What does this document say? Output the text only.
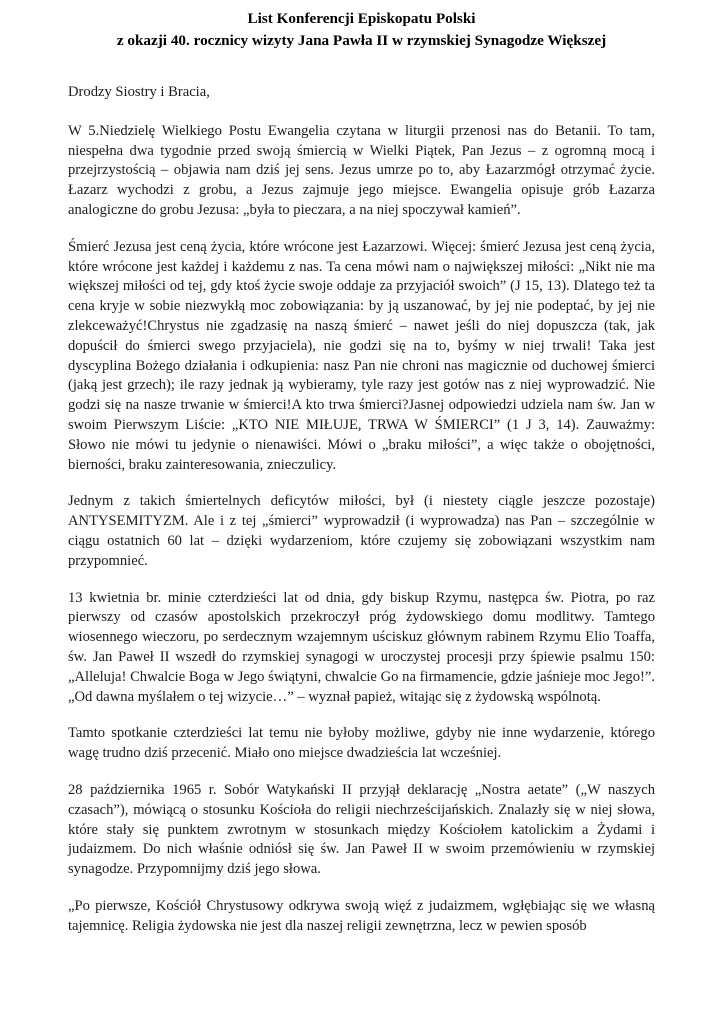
List Konferencji Episkopatu Polski
z okazji 40. rocznicy wizyty Jana Pawła II w rzymskiej Synagodze Większej

Drodzy Siostry i Bracia,

W 5.Niedzielę Wielkiego Postu Ewangelia czytana w liturgii przenosi nas do Betanii. To tam, niespełna dwa tygodnie przed swoją śmiercią w Wielki Piątek, Pan Jezus – z ogromną mocą i przejrzystością – objawia nam dziś jej sens. Jezus umrze po to, aby Łazarzmógł otrzymać życie. Łazarz wychodzi z grobu, a Jezus zajmuje jego miejsce. Ewangelia opisuje grób Łazarza analogiczne do grobu Jezusa: „była to pieczara, a na niej spoczywał kamień”.

Śmierć Jezusa jest ceną życia, które wrócone jest Łazarzowi. Więcej: śmierć Jezusa jest ceną życia, które wrócone jest każdej i każdemu z nas. Ta cena mówi nam o największej miłości: „Nikt nie ma większej miłości od tej, gdy ktoś życie swoje oddaje za przyjaciół swoich” (J 15, 13). Dlatego też ta cena kryje w sobie niezwykłą moc zobowiązania: by ją uszanować, by jej nie podeptać, by jej nie zlekceważyć!Chrystus nie zgadzasię na naszą śmierć – nawet jeśli do niej dopuszcza (tak, jak dopuścił do śmierci swego przyjaciela), nie godzi się na to, byśmy w niej trwali! Taka jest dyscyplina Bożego działania i odkupienia: nasz Pan nie chroni nas magicznie od duchowej śmierci (jaką jest grzech); ile razy jednak ją wybieramy, tyle razy jest gotów nas z niej wyprowadzić. Nie godzi się na nasze trwanie w śmierci!A kto trwa śmierci?Jasnej odpowiedzi udziela nam św. Jan w swoim Pierwszym Liście: „KTO NIE MIŁUJE, TRWA W ŚMIERCI” (1 J 3, 14). Zauważmy: Słowo nie mówi tu jedynie o nienawiści. Mówi o „braku miłości”, a więc także o obojętności, bierności, braku zainteresowania, znieczulicy.

Jednym z takich śmiertelnych deficytów miłości, był (i niestety ciągle jeszcze pozostaje) ANTYSEMITYZM. Ale i z tej „śmierci” wyprowadził (i wyprowadza) nas Pan – szczególnie w ciągu ostatnich 60 lat – dzięki wydarzeniom, które czujemy się zobowiązani wszystkim nam przypomnieć.

13 kwietnia br. minie czterdzieści lat od dnia, gdy biskup Rzymu, następca św. Piotra, po raz pierwszy od czasów apostolskich przekroczył próg żydowskiego domu modlitwy. Tamtego wiosennego wieczoru, po serdecznym wzajemnym uściskuz głównym rabinem Rzymu Elio Toaffa, św. Jan Paweł II wszedł do rzymskiej synagogi w uroczystej procesji przy śpiewie psalmu 150: „Alleluja! Chwalcie Boga w Jego świątyni, chwalcie Go na firmamencie, gdzie jaśnieje moc Jego!”. „Od dawna myślałem o tej wizycie…” – wyznał papież, witając się z żydowską wspólnotą.

Tamto spotkanie czterdzieści lat temu nie byłoby możliwe, gdyby nie inne wydarzenie, którego wagę trudno dziś przecenić. Miało ono miejsce dwadzieścia lat wcześniej.

28 października 1965 r. Sobór Watykański II przyjął deklarację „Nostra aetate” („W naszych czasach”), mówiącą o stosunku Kościoła do religii niechrześcijańskich. Znalazły się w niej słowa, które stały się punktem zwrotnym w stosunkach między Kościołem katolickim a Żydami i judaizmem. Do nich właśnie odniósł się św. Jan Paweł II w swoim przemówieniu w rzymskiej synagodze. Przypomnijmy dziś jego słowa.

„Po pierwsze, Kościół Chrystusowy odkrywa swoją więź z judaizmem, wgłębiając się we własną tajemnicę. Religia żydowska nie jest dla naszej religii zewnętrzna, lecz w pewien sposób
